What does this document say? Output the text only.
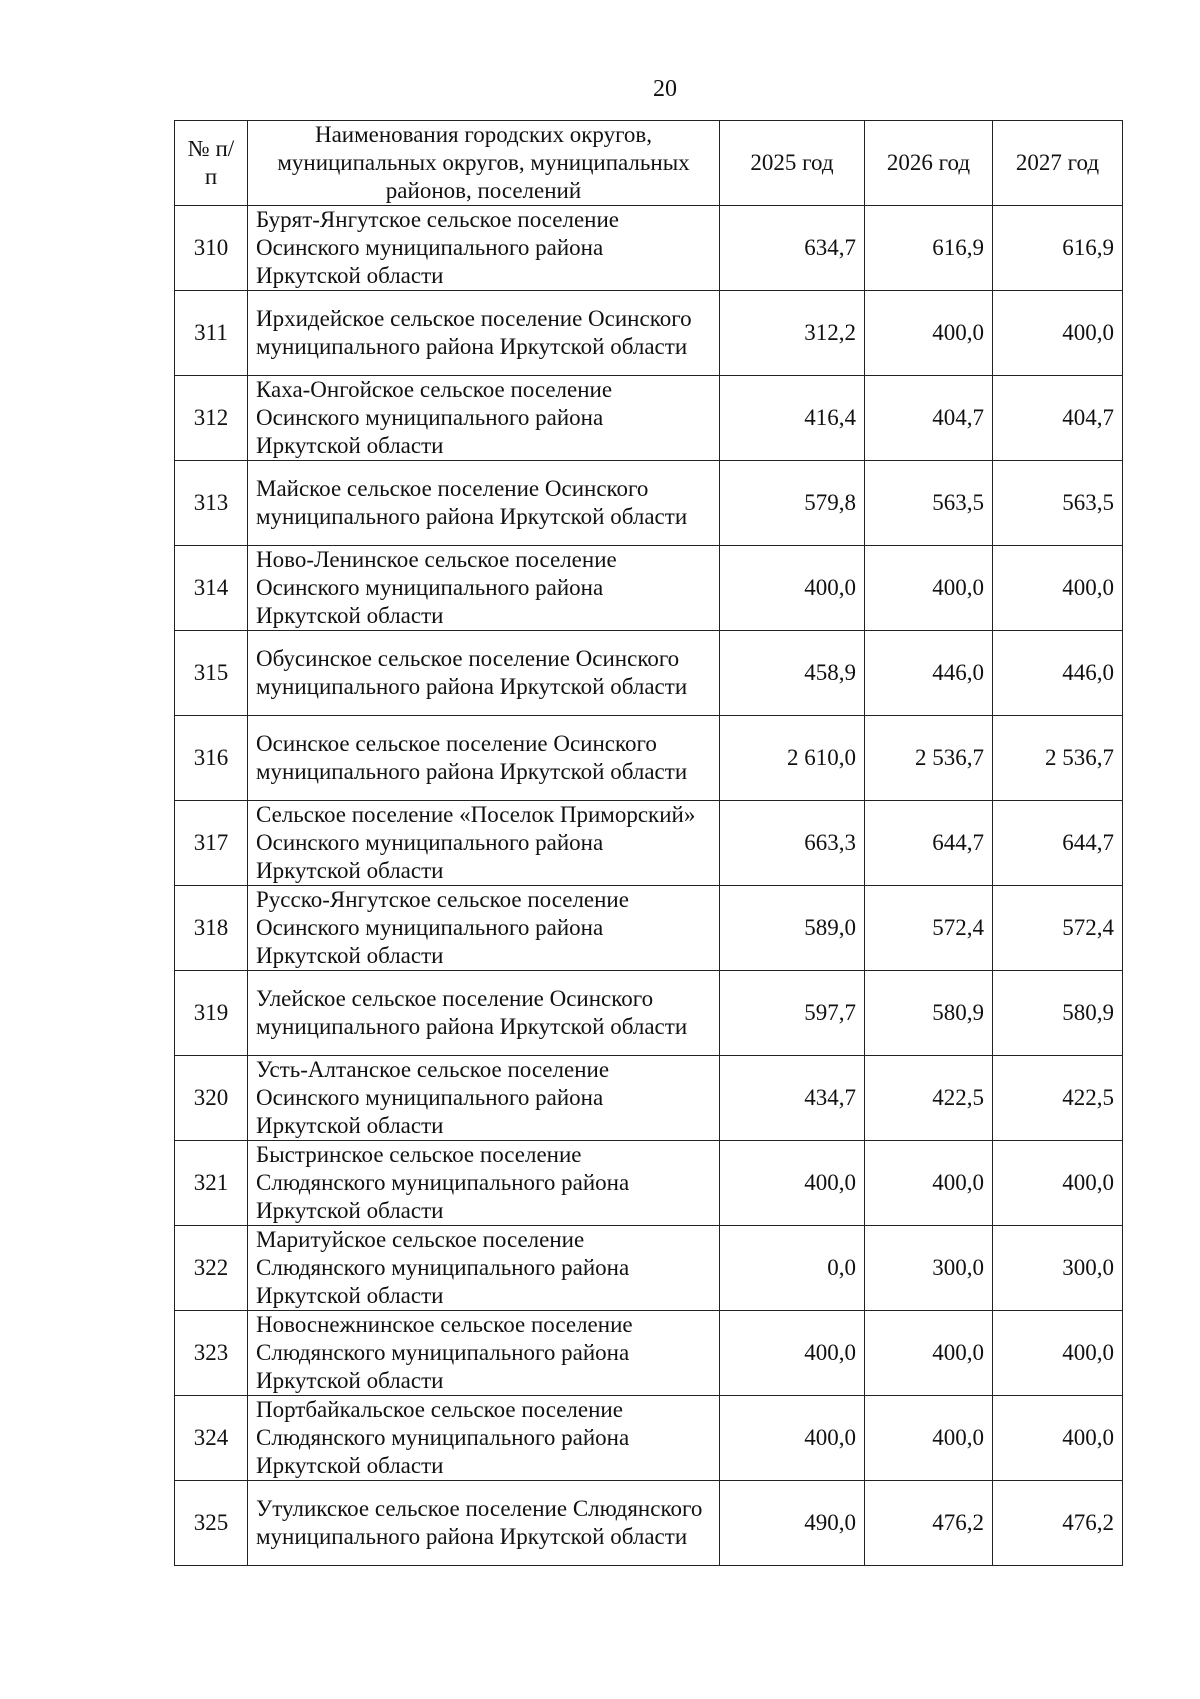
20
№ п/п	Наименования городских округов, муниципальных округов, муниципальных районов, поселений	2025 год	2026 год	2027 год
310	Бурят-Янгутское сельское поселение Осинского муниципального района Иркутской области	634,7	616,9	616,9
311	Ирхидейское сельское поселение Осинского муниципального района Иркутской области	312,2	400,0	400,0
312	Каха-Онгойское сельское поселение Осинского муниципального района Иркутской области	416,4	404,7	404,7
313	Майское сельское поселение Осинского муниципального района Иркутской области	579,8	563,5	563,5
314	Ново-Ленинское сельское поселение Осинского муниципального района Иркутской области	400,0	400,0	400,0
315	Обусинское сельское поселение Осинского муниципального района Иркутской области	458,9	446,0	446,0
316	Осинское сельское поселение Осинского муниципального района Иркутской области	2 610,0	2 536,7	2 536,7
317	Сельское поселение «Поселок Приморский» Осинского муниципального района Иркутской области	663,3	644,7	644,7
318	Русско-Янгутское сельское поселение Осинского муниципального района Иркутской области	589,0	572,4	572,4
319	Улейское сельское поселение Осинского муниципального района Иркутской области	597,7	580,9	580,9
320	Усть-Алтанское сельское поселение Осинского муниципального района Иркутской области	434,7	422,5	422,5
321	Быстринское сельское поселение Слюдянского муниципального района Иркутской области	400,0	400,0	400,0
322	Маритуйское сельское поселение Слюдянского муниципального района Иркутской области	0,0	300,0	300,0
323	Новоснежнинское сельское поселение Слюдянского муниципального района Иркутской области	400,0	400,0	400,0
324	Портбайкальское сельское поселение Слюдянского муниципального района Иркутской области	400,0	400,0	400,0
325	Утуликское сельское поселение Слюдянского муниципального района Иркутской области	490,0	476,2	476,2
